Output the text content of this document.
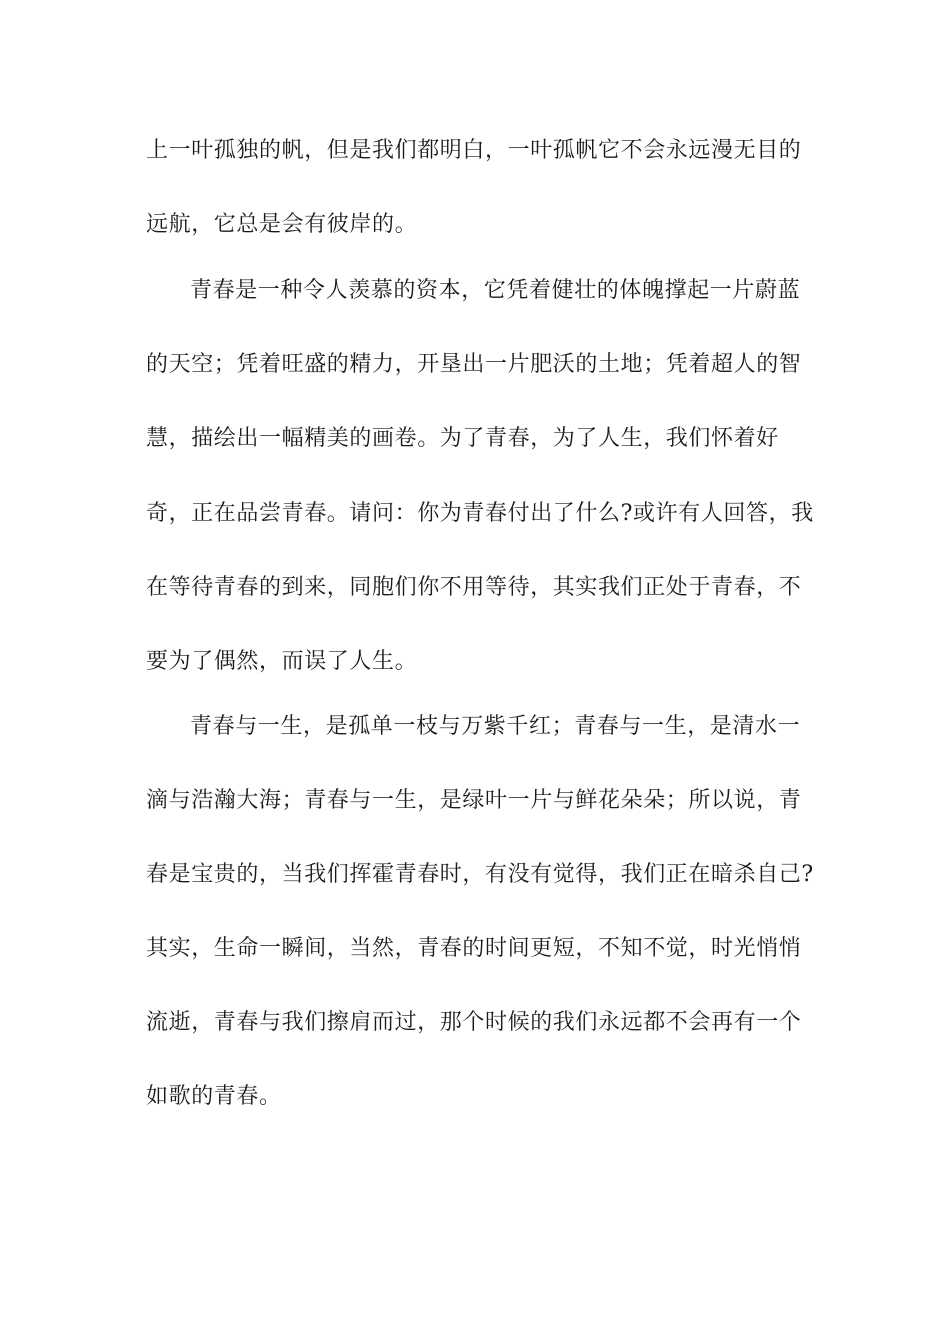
上一叶孤独的帆，但是我们都明白，一叶孤帆它不会永远漫无目的
远航，它总是会有彼岸的。
青春是一种令人羡慕的资本，它凭着健壮的体魄撑起一片蔚蓝
的天空；凭着旺盛的精力，开垦出一片肥沃的土地；凭着超人的智
慧，描绘出一幅精美的画卷。为了青春，为了人生，我们怀着好
奇，正在品尝青春。请问：你为青春付出了什么?或许有人回答，我
在等待青春的到来，同胞们你不用等待，其实我们正处于青春，不
要为了偶然，而误了人生。
青春与一生，是孤单一枝与万紫千红；青春与一生，是清水一
滴与浩瀚大海；青春与一生，是绿叶一片与鲜花朵朵；所以说，青
春是宝贵的，当我们挥霍青春时，有没有觉得，我们正在暗杀自己?
其实，生命一瞬间，当然，青春的时间更短，不知不觉，时光悄悄
流逝，青春与我们擦肩而过，那个时候的我们永远都不会再有一个
如歌的青春。
